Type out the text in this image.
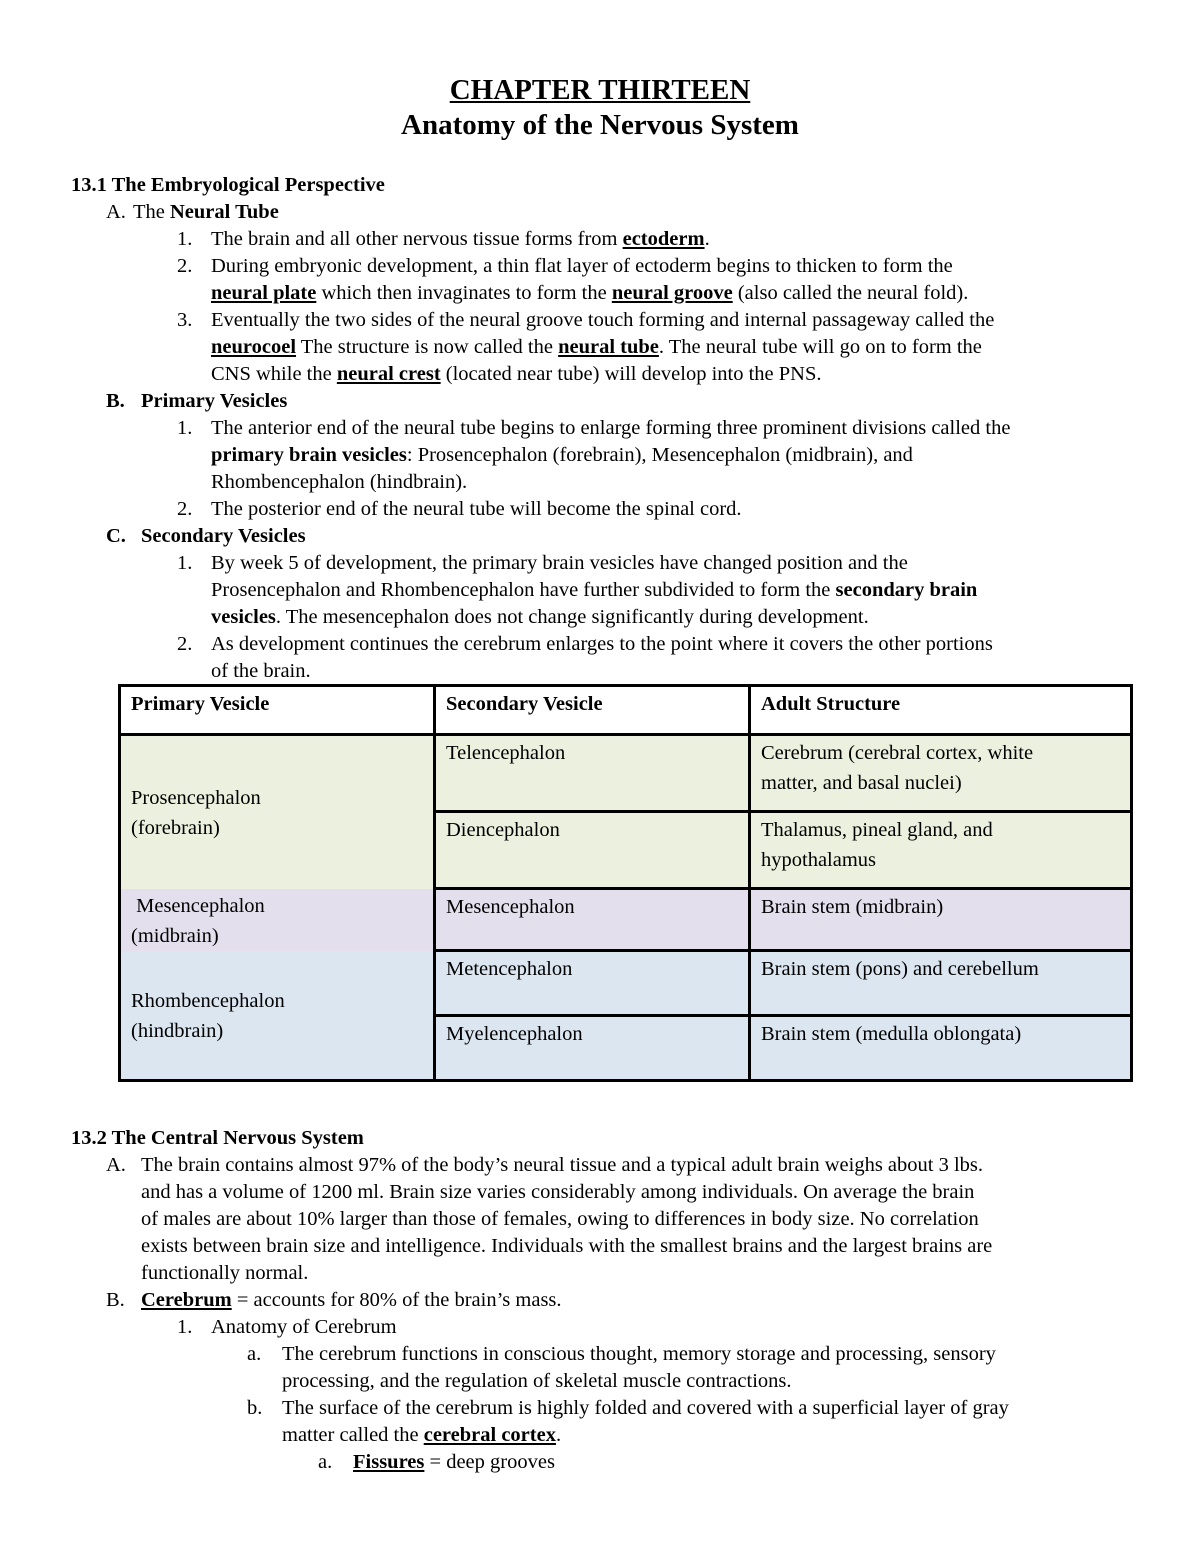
CHAPTER THIRTEEN
Anatomy of the Nervous System
13.1 The Embryological Perspective
A. The Neural Tube
1. The brain and all other nervous tissue forms from ectoderm.
2. During embryonic development, a thin flat layer of ectoderm begins to thicken to form the
neural plate which then invaginates to form the neural groove (also called the neural fold).
3. Eventually the two sides of the neural groove touch forming and internal passageway called the
neurocoel The structure is now called the neural tube. The neural tube will go on to form the
CNS while the neural crest (located near tube) will develop into the PNS.
B. Primary Vesicles
1. The anterior end of the neural tube begins to enlarge forming three prominent divisions called the
primary brain vesicles: Prosencephalon (forebrain), Mesencephalon (midbrain), and
Rhombencephalon (hindbrain).
2. The posterior end of the neural tube will become the spinal cord.
C. Secondary Vesicles
1. By week 5 of development, the primary brain vesicles have changed position and the
Prosencephalon and Rhombencephalon have further subdivided to form the secondary brain
vesicles. The mesencephalon does not change significantly during development.
2. As development continues the cerebrum enlarges to the point where it covers the other portions
of the brain.
Primary Vesicle	Secondary Vesicle	Adult Structure
Prosencephalon
(forebrain)	Telencephalon	Cerebrum (cerebral cortex, white
matter, and basal nuclei)
	Diencephalon	Thalamus, pineal gland, and
hypothalamus
Mesencephalon
(midbrain)	Mesencephalon	Brain stem (midbrain)
Rhombencephalon
(hindbrain)	Metencephalon	Brain stem (pons) and cerebellum
	Myelencephalon	Brain stem (medulla oblongata)
13.2 The Central Nervous System
A. The brain contains almost 97% of the body’s neural tissue and a typical adult brain weighs about 3 lbs.
and has a volume of 1200 ml. Brain size varies considerably among individuals. On average the brain
of males are about 10% larger than those of females, owing to differences in body size. No correlation
exists between brain size and intelligence. Individuals with the smallest brains and the largest brains are
functionally normal.
B. Cerebrum = accounts for 80% of the brain’s mass.
1. Anatomy of Cerebrum
a. The cerebrum functions in conscious thought, memory storage and processing, sensory
processing, and the regulation of skeletal muscle contractions.
b. The surface of the cerebrum is highly folded and covered with a superficial layer of gray
matter called the cerebral cortex.
a. Fissures = deep grooves
